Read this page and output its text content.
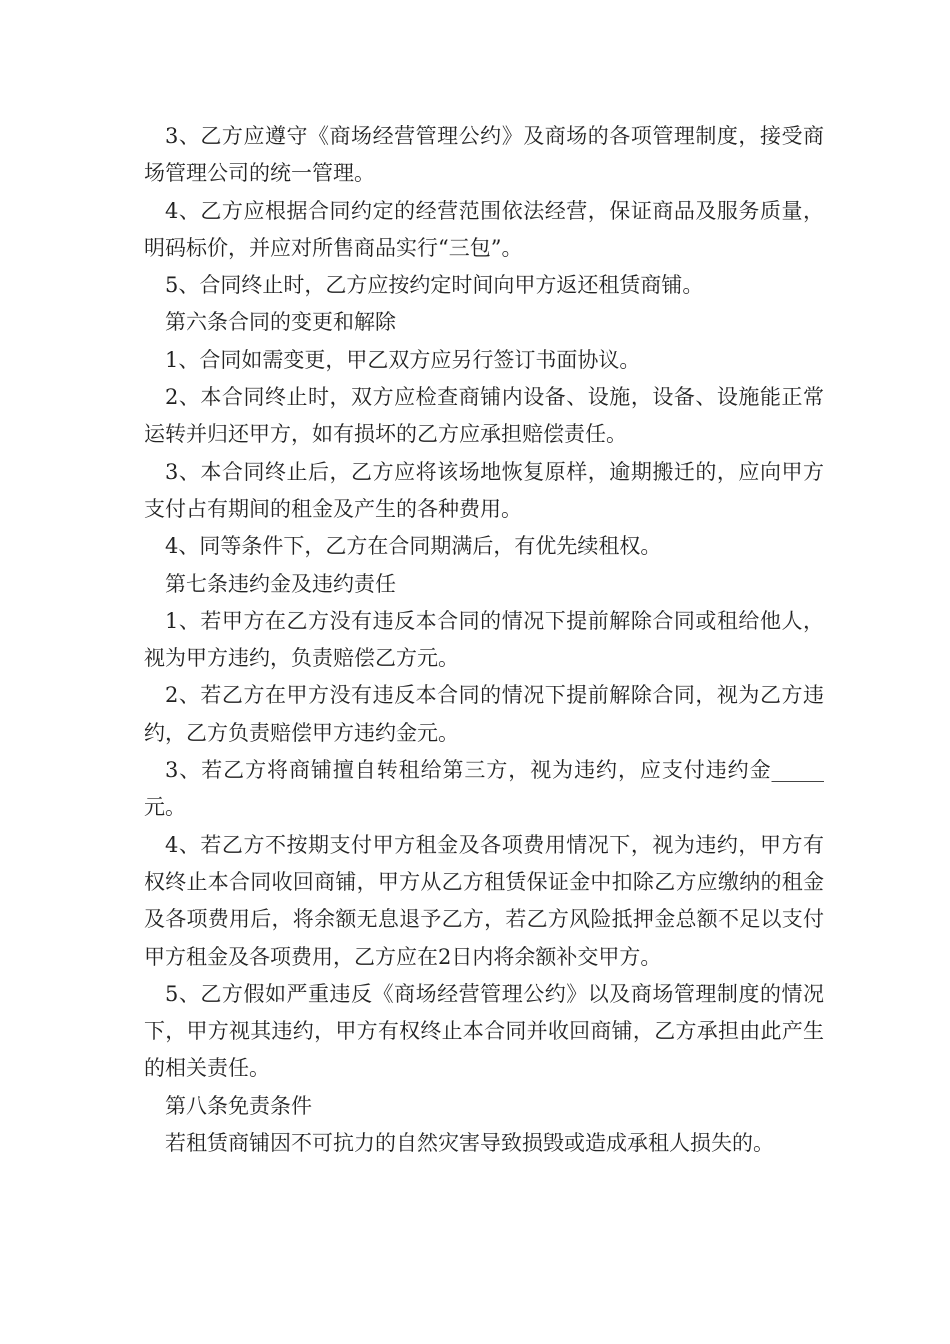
3、乙方应遵守《商场经营管理公约》及商场的各项管理制度，接受商场管理公司的统一管理。

4、乙方应根据合同约定的经营范围依法经营，保证商品及服务质量，明码标价，并应对所售商品实行“三包”。

5、合同终止时，乙方应按约定时间向甲方返还租赁商铺。

第六条合同的变更和解除

1、合同如需变更，甲乙双方应另行签订书面协议。

2、本合同终止时，双方应检查商铺内设备、设施，设备、设施能正常运转并归还甲方，如有损坏的乙方应承担赔偿责任。

3、本合同终止后，乙方应将该场地恢复原样，逾期搬迁的，应向甲方支付占有期间的租金及产生的各种费用。

4、同等条件下，乙方在合同期满后，有优先续租权。

第七条违约金及违约责任

1、若甲方在乙方没有违反本合同的情况下提前解除合同或租给他人，视为甲方违约，负责赔偿乙方元。

2、若乙方在甲方没有违反本合同的情况下提前解除合同，视为乙方违约，乙方负责赔偿甲方违约金元。

3、若乙方将商铺擅自转租给第三方，视为违约，应支付违约金_____元。

4、若乙方不按期支付甲方租金及各项费用情况下，视为违约，甲方有权终止本合同收回商铺，甲方从乙方租赁保证金中扣除乙方应缴纳的租金及各项费用后，将余额无息退予乙方，若乙方风险抵押金总额不足以支付甲方租金及各项费用，乙方应在2日内将余额补交甲方。

5、乙方假如严重违反《商场经营管理公约》以及商场管理制度的情况下，甲方视其违约，甲方有权终止本合同并收回商铺，乙方承担由此产生的相关责任。

第八条免责条件

若租赁商铺因不可抗力的自然灾害导致损毁或造成承租人损失的。
